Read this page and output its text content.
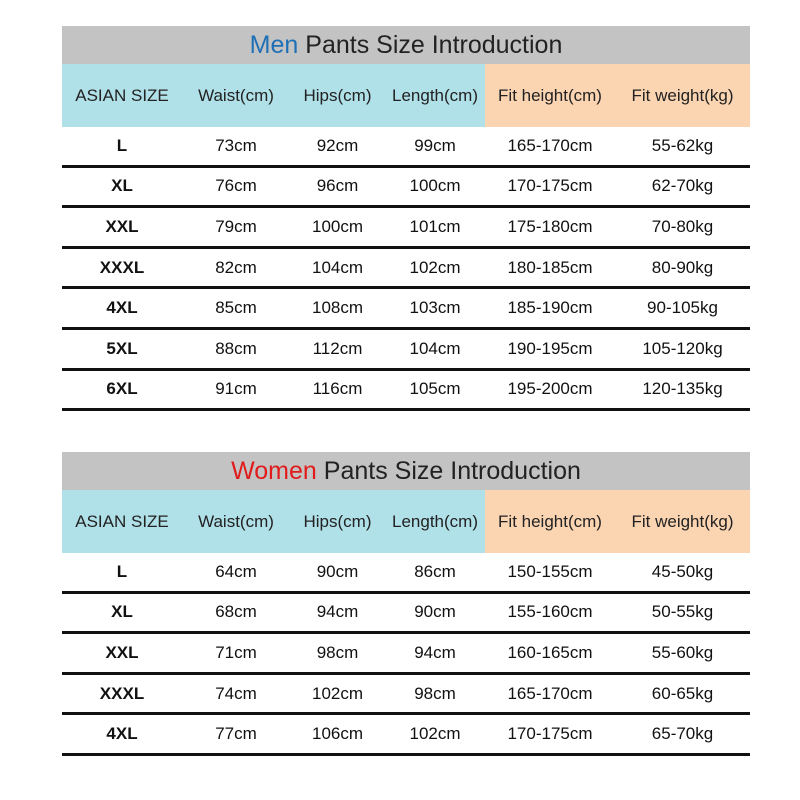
Men Pants Size Introduction
ASIAN SIZE	Waist(cm)	Hips(cm)	Length(cm)	Fit height(cm)	Fit weight(kg)
L	73cm	92cm	99cm	165-170cm	55-62kg
XL	76cm	96cm	100cm	170-175cm	62-70kg
XXL	79cm	100cm	101cm	175-180cm	70-80kg
XXXL	82cm	104cm	102cm	180-185cm	80-90kg
4XL	85cm	108cm	103cm	185-190cm	90-105kg
5XL	88cm	112cm	104cm	190-195cm	105-120kg
6XL	91cm	116cm	105cm	195-200cm	120-135kg
Women Pants Size Introduction
ASIAN SIZE	Waist(cm)	Hips(cm)	Length(cm)	Fit height(cm)	Fit weight(kg)
L	64cm	90cm	86cm	150-155cm	45-50kg
XL	68cm	94cm	90cm	155-160cm	50-55kg
XXL	71cm	98cm	94cm	160-165cm	55-60kg
XXXL	74cm	102cm	98cm	165-170cm	60-65kg
4XL	77cm	106cm	102cm	170-175cm	65-70kg
